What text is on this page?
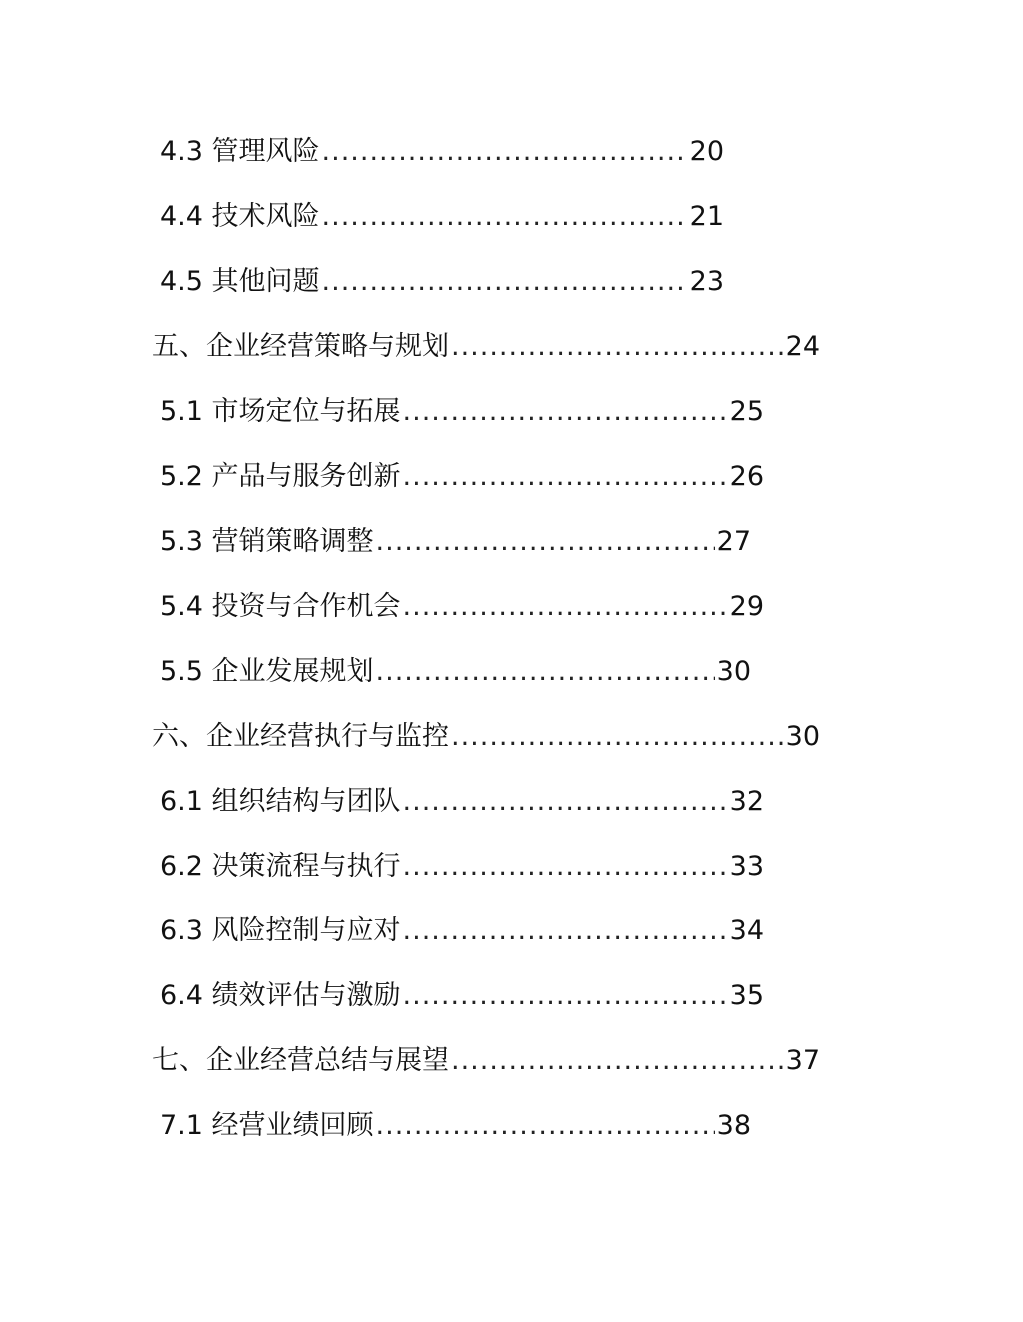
4.3 管理风险 .....	20
4.4 技术风险 .....	21
4.5 其他问题 .....	23
五、企业经营策略与规划 .....	24
5.1 市场定位与拓展 .....	25
5.2 产品与服务创新 .....	26
5.3 营销策略调整 .....	27
5.4 投资与合作机会 .....	29
5.5 企业发展规划 .....	30
六、企业经营执行与监控 .....	30
6.1 组织结构与团队 .....	32
6.2 决策流程与执行 .....	33
6.3 风险控制与应对 .....	34
6.4 绩效评估与激励 .....	35
七、企业经营总结与展望 .....	37
7.1 经营业绩回顾 .....	38
